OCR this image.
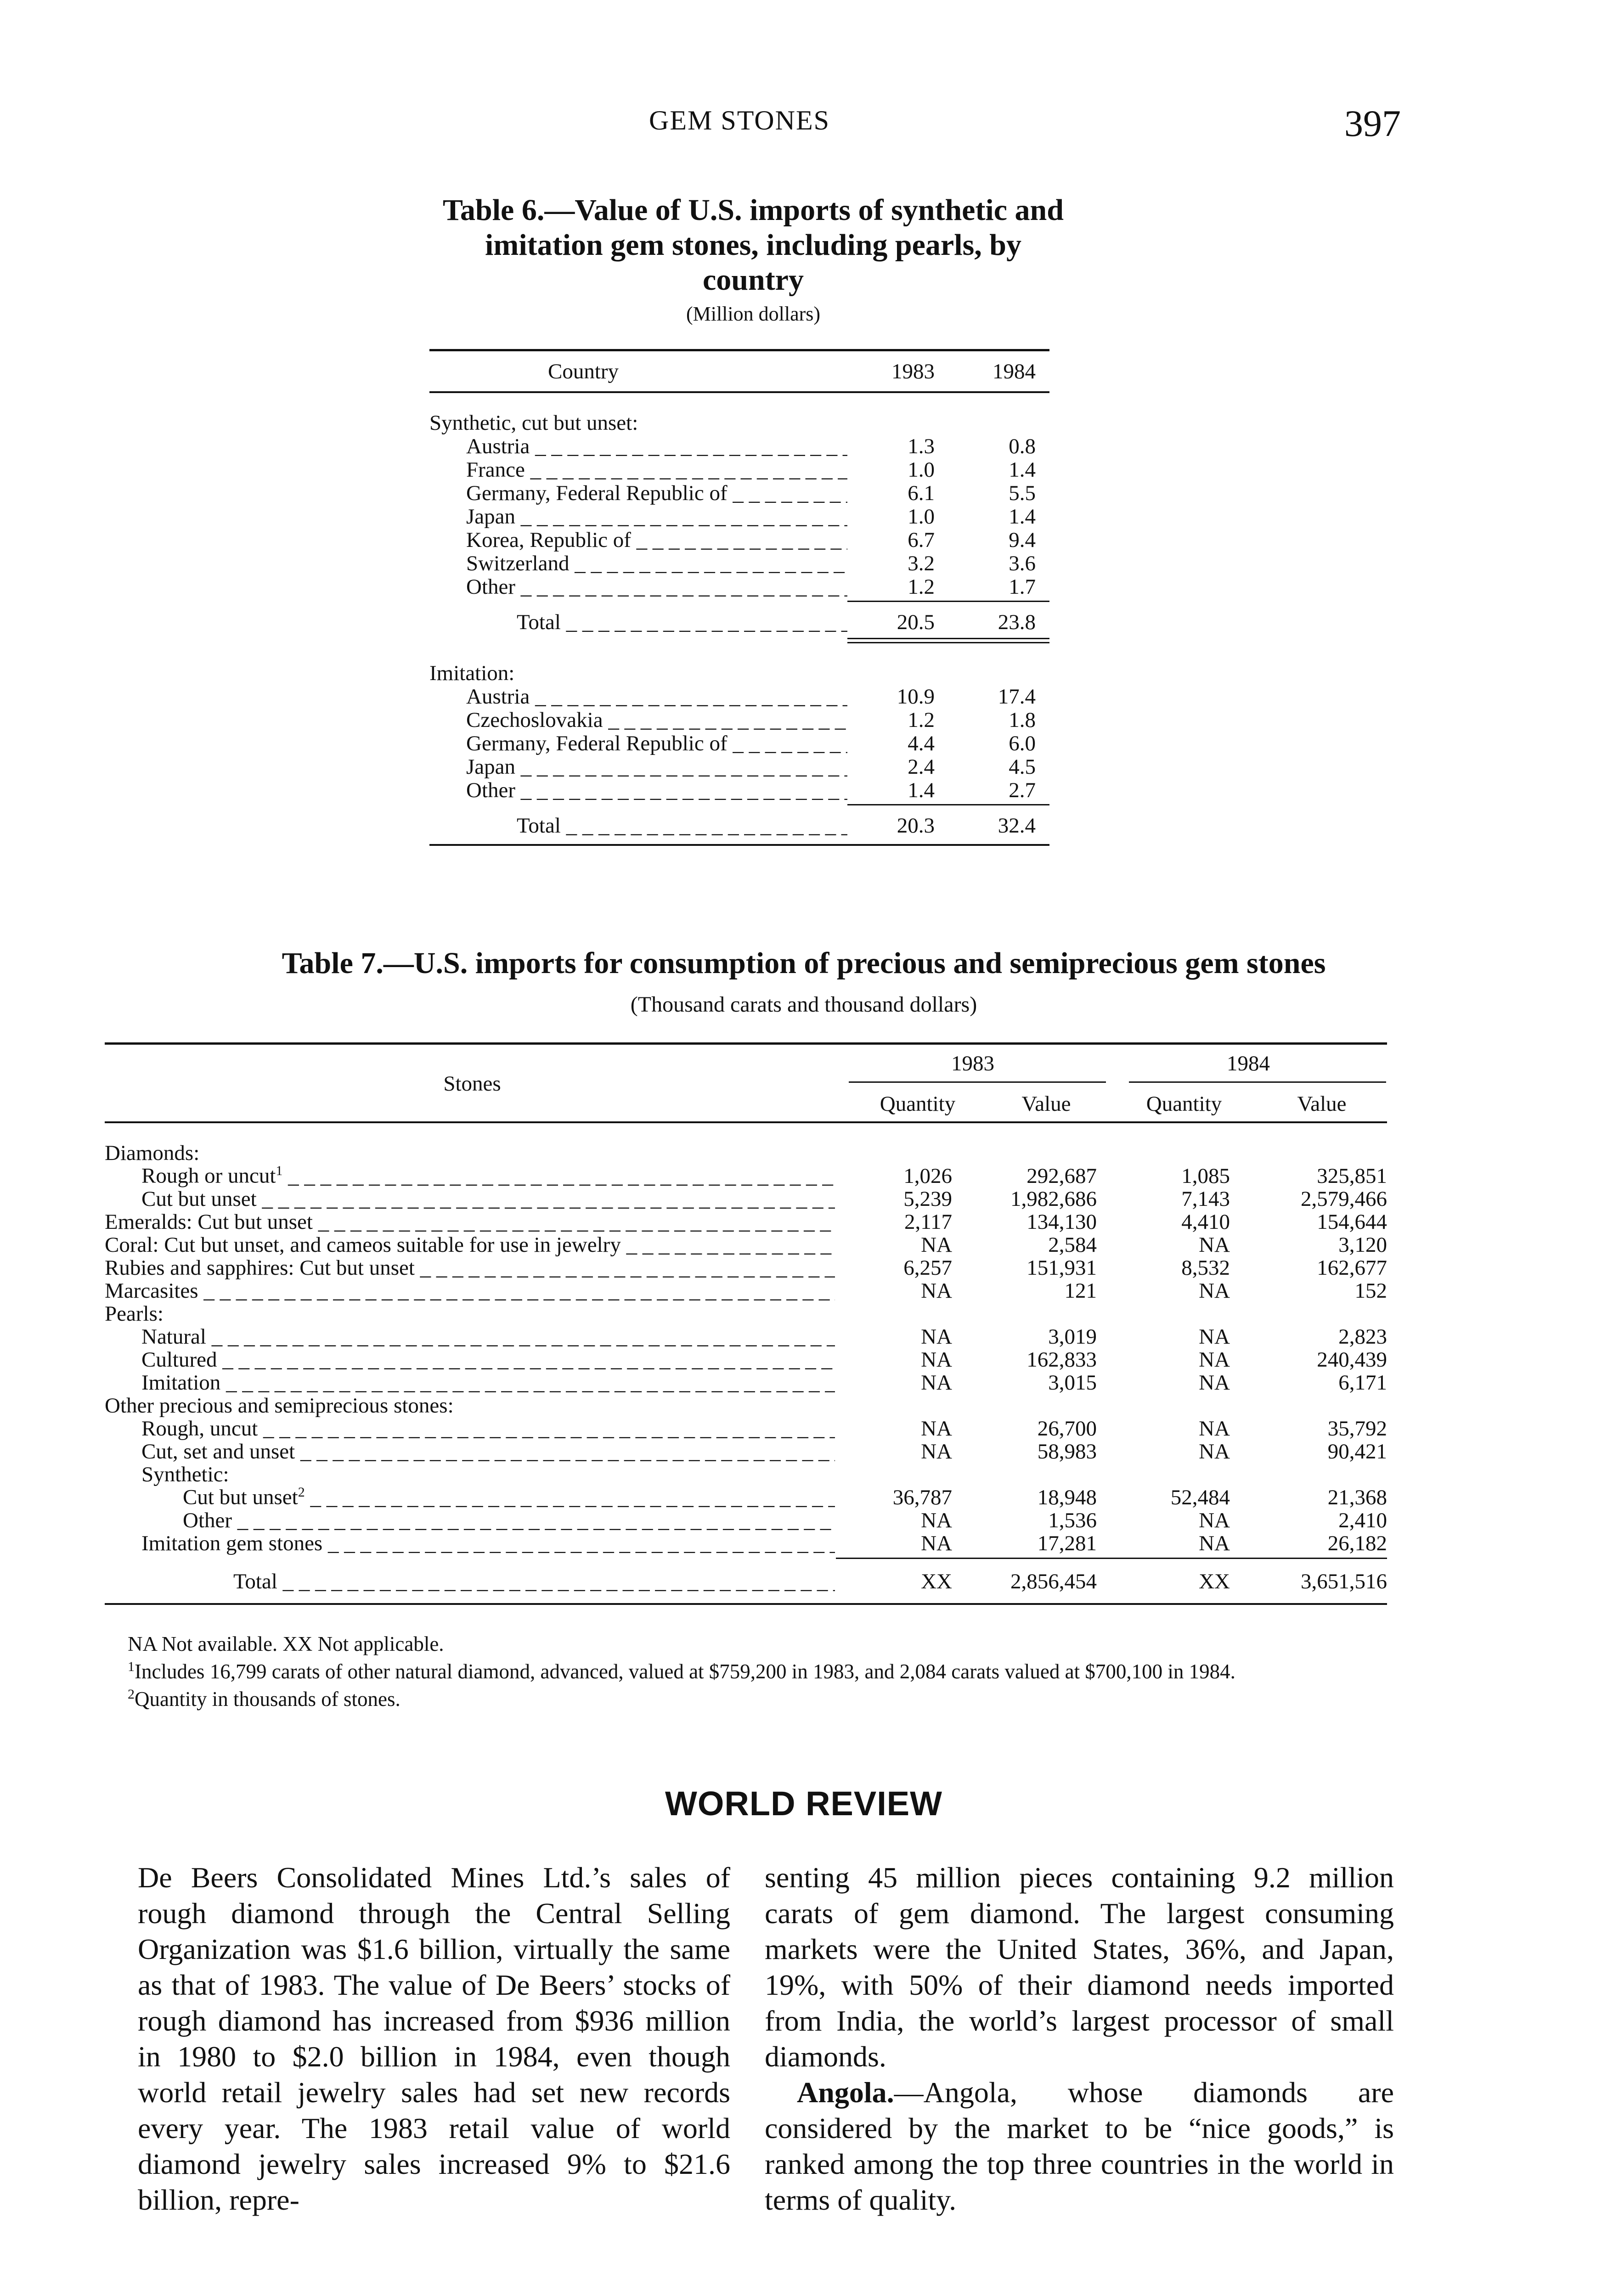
GEM STONES	397
Table 6.—Value of U.S. imports of synthetic and imitation gem stones, including pearls, by country
(Million dollars)
Country	1983	1984
Synthetic, cut but unset:
Austria _ _ _	1.3	0.8
France _ _ _	1.0	1.4
Germany, Federal Republic of _ _ _	6.1	5.5
Japan _ _ _	1.0	1.4
Korea, Republic of _ _ _	6.7	9.4
Switzerland _ _ _	3.2	3.6
Other _ _ _	1.2	1.7
Total _ _ _	20.5	23.8
Imitation:
Austria _ _ _	10.9	17.4
Czechoslovakia _ _ _	1.2	1.8
Germany, Federal Republic of _ _ _	4.4	6.0
Japan _ _ _	2.4	4.5
Other _ _ _	1.4	2.7
Total _ _ _	20.3	32.4
Table 7.—U.S. imports for consumption of precious and semiprecious gem stones
(Thousand carats and thousand dollars)
Stones
1983	1984
Quantity	Value	Quantity	Value
Diamonds:
Rough or uncut$^1$ _ _ _	1,026	292,687	1,085	325,851
Cut but unset _ _ _	5,239	1,982,686	7,143	2,579,466
Emeralds: Cut but unset _ _ _	2,117	134,130	4,410	154,644
Coral: Cut but unset, and cameos suitable for use in jewelry _ _ _	NA	2,584	NA	3,120
Rubies and sapphires: Cut but unset _ _ _	6,257	151,931	8,532	162,677
Marcasites _ _ _	NA	121	NA	152
Pearls:
Natural _ _ _	NA	3,019	NA	2,823
Cultured _ _ _	NA	162,833	NA	240,439
Imitation _ _ _	NA	3,015	NA	6,171
Other precious and semiprecious stones:
Rough, uncut _ _ _	NA	26,700	NA	35,792
Cut, set and unset _ _ _	NA	58,983	NA	90,421
Synthetic:
Cut but unset$^2$ _ _ _	36,787	18,948	52,484	21,368
Other _ _ _	NA	1,536	NA	2,410
Imitation gem stones _ _ _	NA	17,281	NA	26,182
Total _ _ _	XX	2,856,454	XX	3,651,516

NA Not available. XX Not applicable.

$^1$Includes 16,799 carats of other natural diamond, advanced, valued at $759,200 in 1983, and 2,084 carats valued at $700,100 in 1984.

$^2$Quantity in thousands of stones.

WORLD REVIEW

De Beers Consolidated Mines Ltd.’s sales of rough diamond through the Central Selling Organization was $1.6 billion, virtually the same as that of 1983. The value of De Beers’ stocks of rough diamond has increased from $936 million in 1980 to $2.0 billion in 1984, even though world retail jewelry sales had set new records every year. The 1983 retail value of world diamond jewelry sales increased 9% to $21.6 billion, repre-

senting 45 million pieces containing 9.2 million carats of gem diamond. The largest consuming markets were the United States, 36%, and Japan, 19%, with 50% of their diamond needs imported from India, the world’s largest processor of small diamonds.

Angola.—Angola, whose diamonds are considered by the market to be “nice goods,” is ranked among the top three countries in the world in terms of quality.
